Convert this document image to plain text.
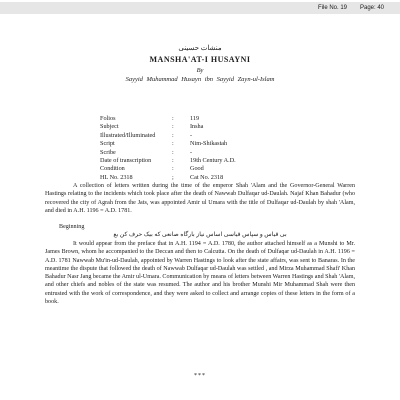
File No. 19 Page: 40
منشات حسینی
MANSHA'AT-I HUSAYNI
By
Sayyid Muhammad Husayn ibn Sayyid Zayn-ul-Islam
Folios	:	119
Subject	:	Insha
Illustrated/Illuminated	:	-
Script	:	Nim-Shikastah
Scribe	:	-
Date of transcription	:	19th Century A.D.
Condition	:	Good
HL No. 2318	;	Cat No. 2318

A collection of letters written during the time of the emperor Shah 'Alam and the Governor-General Warren Hastings relating to the incidents which took place after the death of Nawwab Dulfaqar ud-Daulah. Najaf Khan Bahadur (who recovered the city of Agrah from the Jats, was appointed Amir ul Umara with the title of Dulfaqar ud-Daulah by shah 'Alam, and died in A.H. 1196 = A.D. 1781.

Beginning
بی قیاس و سپاس قیاسی اساس نیاز بارگاه صانعی که بیک حرف کن بع

It would appear from the preface that in A.H. 1194 = A.D. 1780, the author attached himself as a Munshi to Mr. James Brown, whom he accompanied to the Deccan and then to Calcutta. On the death of Dulfaqar ud-Daulah in A.H. 1196 = A.D. 1781 Nawwab Mu'in-ud-Daulah, appointed by Warren Hastings to look after the state affairs, was sent to Banaras. In the meantime the dispute that followed the death of Nawwab Dulfaqar ud-Daulah was settled , and Mirza Muhammad Shafi' Khan Bahadur Nasr Jang became the Amir ul-Umara. Communication by means of letters between Warren Hastings and Shah 'Alam, and other chiefs and nobles of the state was resumed. The author and his brother Munshi Mir Muhammad Shah were then entrusted with the work of correspondence, and they were asked to collect and arrange copies of these letters in the form of a book.

***
